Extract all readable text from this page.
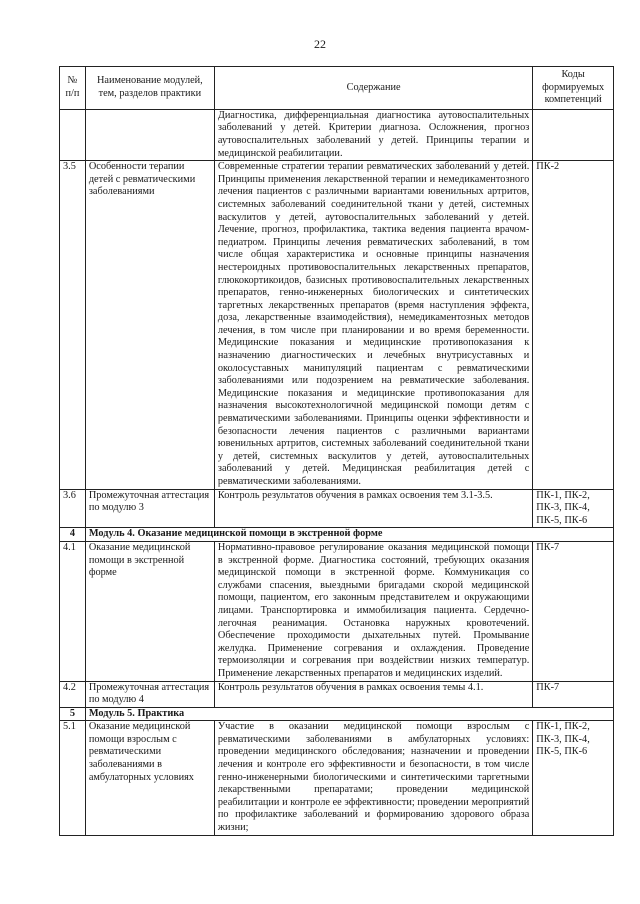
22
№ п/п	Наименование модулей, тем, разделов практики	Содержание	Коды формируемых компетенций
		Диагностика, дифференциальная диагностика аутовоспалительных заболеваний у детей. Критерии диагноза. Осложнения, прогноз аутовоспалительных заболеваний у детей. Принципы терапии и медицинской реабилитации.	
3.5	Особенности терапии детей с ревматическими заболеваниями	Современные стратегии терапии ревматических заболеваний у детей. Принципы применения лекарственной терапии и немедикаментозного лечения пациентов с различными вариантами ювенильных артритов, системных заболеваний соединительной ткани у детей, системных васкулитов у детей, аутовоспалительных заболеваний у детей. Лечение, прогноз, профилактика, тактика ведения пациента врачом-педиатром. Принципы лечения ревматических заболеваний, в том числе общая характеристика и основные принципы назначения нестероидных противовоспалительных лекарственных препаратов, глюкокортикоидов, базисных противовоспалительных лекарственных препаратов, генно-инженерных биологических и синтетических таргетных лекарственных препаратов (время наступления эффекта, доза, лекарственные взаимодействия), немедикаментозных методов лечения, в том числе при планировании и во время беременности. Медицинские показания и медицинские противопоказания к назначению диагностических и лечебных внутрисуставных и околосуставных манипуляций пациентам с ревматическими заболеваниями или подозрением на ревматические заболевания. Медицинские показания и медицинские противопоказания для назначения высокотехнологичной медицинской помощи детям с ревматическими заболеваниями. Принципы оценки эффективности и безопасности лечения пациентов с различными вариантами ювенильных артритов, системных заболеваний соединительной ткани у детей, системных васкулитов у детей, аутовоспалительных заболеваний у детей. Медицинская реабилитация детей с ревматическими заболеваниями.	ПК-2
3.6	Промежуточная аттестация по модулю 3	Контроль результатов обучения в рамках освоения тем 3.1-3.5.	ПК-1, ПК-2, ПК-3, ПК-4, ПК-5, ПК-6
4	Модуль 4. Оказание медицинской помощи в экстренной форме		
4.1	Оказание медицинской помощи в экстренной форме	Нормативно-правовое регулирование оказания медицинской помощи в экстренной форме. Диагностика состояний, требующих оказания медицинской помощи в экстренной форме. Коммуникация со службами спасения, выездными бригадами скорой медицинской помощи, пациентом, его законным представителем и окружающими лицами. Транспортировка и иммобилизация пациента. Сердечно-легочная реанимация. Остановка наружных кровотечений. Обеспечение проходимости дыхательных путей. Промывание желудка. Применение согревания и охлаждения. Проведение термоизоляции и согревания при воздействии низких температур. Применение лекарственных препаратов и медицинских изделий.	ПК-7
4.2	Промежуточная аттестация по модулю 4	Контроль результатов обучения в рамках освоения темы 4.1.	ПК-7
5	Модуль 5. Практика		
5.1	Оказание медицинской помощи взрослым с ревматическими заболеваниями в амбулаторных условиях	Участие в оказании медицинской помощи взрослым с ревматическими заболеваниями в амбулаторных условиях: проведении медицинского обследования; назначении и проведении лечения и контроле его эффективности и безопасности, в том числе генно-инженерными биологическими и синтетическими таргетными лекарственными препаратами; проведении медицинской реабилитации и контроле ее эффективности; проведении мероприятий по профилактике заболеваний и формированию здорового образа жизни;	ПК-1, ПК-2, ПК-3, ПК-4, ПК-5, ПК-6
